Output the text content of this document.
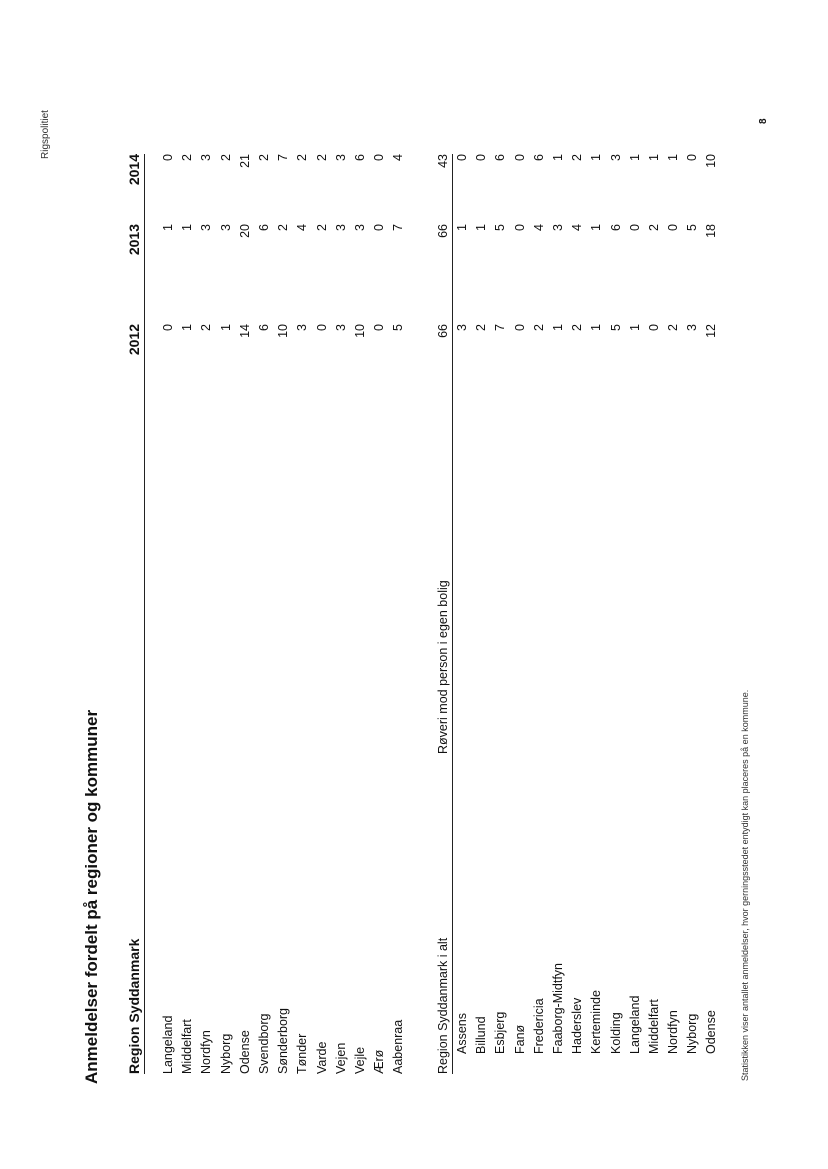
Rigspolitiet	8
Anmeldelser fordelt på regioner og kommuner Region Syddanmark
2012
2013
2014
Langeland
0
1
0
Middelfart
1
1
2
Nordfyn
2
3
3
Nyborg
1
3
2
Odense
14
20
21
Svendborg
6
6
2
Sønderborg
10
2
7
Tønder
3
4
2
Varde
0
2
2
Vejen
3
3
3
Vejle
10
3
6
Ærø
0
0
0
Aabenraa
5
7
4
Region Syddanmark i alt
Røveri mod person i egen bolig
66
66
43
Assens
3
1
0
Billund
2
1
0
Esbjerg
7
5
6
Fanø
0
0
0
Fredericia
2
4
6
Faaborg-Midtfyn
1
3
1
Haderslev
2
4
2
Kerteminde
1
1
1
Kolding
5
6
3
Langeland
1
0
1
Middelfart
0
2
1
Nordfyn
2
0
1
Nyborg
3
5
0
Odense
12
18
10
Statistikken viser antallet anmeldelser, hvor gerningsstedet entydigt kan placeres på en kommune.
